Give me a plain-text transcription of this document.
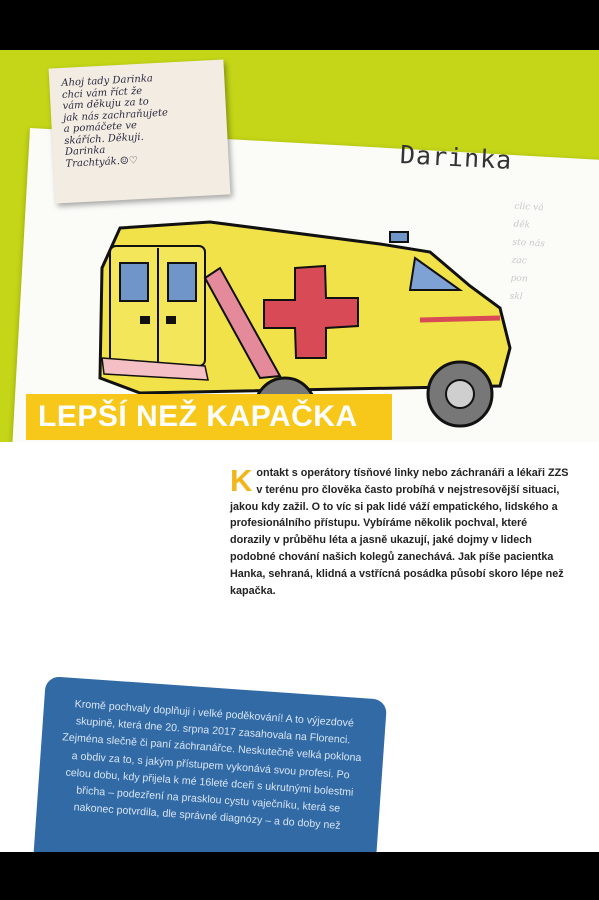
clic vá
děk
sto nás
zac
pon
skl
Darinka
Ahoj tady Darinka
chci vám říct že
vám děkuju za to
jak nás zachraňujete
a pomáčete ve
skářích. Děkuji.
Darinka
Trachtyák.☺♡
LEPŠÍ NEŽ KAPAČKA
K ontakt s operátory tísňové linky nebo záchranáři a lékaři ZZS v terénu pro člověka často probíhá v nejstresovější situaci, jakou kdy zažil. O to víc si pak lidé váží empatického, lidského a profesionálního přístupu. Vybíráme několik pochval, které dorazily v průběhu léta a jasně ukazují, jaké dojmy v lidech podobné chování našich kolegů zanechává. Jak píše pacientka Hanka, sehraná, klidná a vstřícná posádka působí skoro lépe než kapačka.
Kromě pochvaly doplňuji i velké poděkování! A to výjezdové skupině, která dne 20. srpna 2017 zasahovala na Florenci. Zejména slečně či paní záchranářce. Neskutečně velká poklona a obdiv za to, s jakým přístupem vykonává svou profesi. Po celou dobu, kdy přijela k mé 16leté dceři s ukrutnými bolestmi břicha – podezření na prasklou cystu vaječníku, která se nakonec potvrdila, dle správné diagnózy – a do doby než
